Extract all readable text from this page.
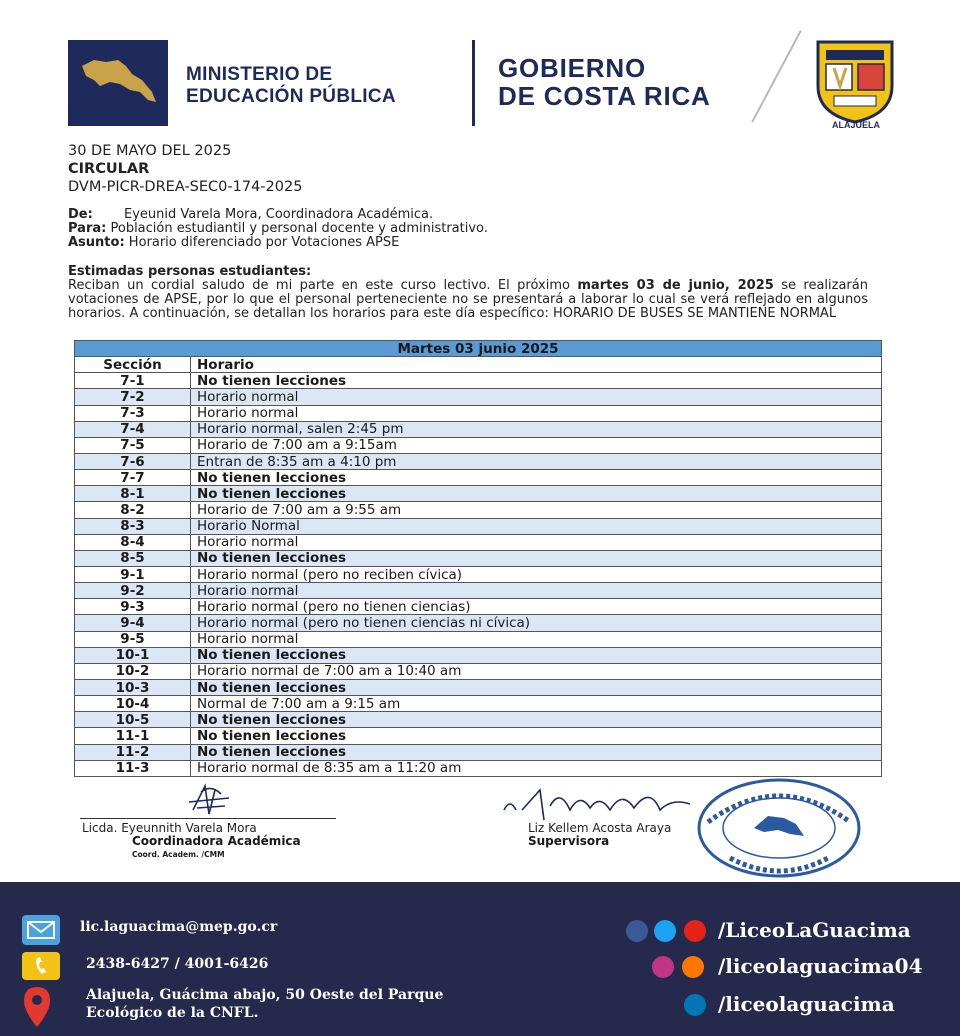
MINISTERIO DE
EDUCACIÓN PÚBLICA
GOBIERNO
DE COSTA RICA
ALAJUELA
30 DE MAYO DEL 2025
CIRCULAR
DVM-PICR-DREA-SEC0-174-2025
De: Eyeunid Varela Mora, Coordinadora Académica.
Para: Población estudiantil y personal docente y administrativo.
Asunto: Horario diferenciado por Votaciones APSE
Estimadas personas estudiantes:

Reciban un cordial saludo de mi parte en este curso lectivo. El próximo martes 03 de junio, 2025 se realizarán votaciones de APSE, por lo que el personal perteneciente no se presentará a laborar lo cual se verá reflejado en algunos horarios. A continuación, se detallan los horarios para este día específico: HORARIO DE BUSES SE MANTIENE NORMAL

Martes 03 junio 2025	
Sección	Horario
7-1	No tienen lecciones
7-2	Horario normal
7-3	Horario normal
7-4	Horario normal, salen 2:45 pm
7-5	Horario de 7:00 am a 9:15am
7-6	Entran de 8:35 am a 4:10 pm
7-7	No tienen lecciones
8-1	No tienen lecciones
8-2	Horario de 7:00 am a 9:55 am
8-3	Horario Normal
8-4	Horario normal
8-5	No tienen lecciones
9-1	Horario normal (pero no reciben cívica)
9-2	Horario normal
9-3	Horario normal (pero no tienen ciencias)
9-4	Horario normal (pero no tienen ciencias ni cívica)
9-5	Horario normal
10-1	No tienen lecciones
10-2	Horario normal de 7:00 am a 10:40 am
10-3	No tienen lecciones
10-4	Normal de 7:00 am a 9:15 am
10-5	No tienen lecciones
11-1	No tienen lecciones
11-2	No tienen lecciones
11-3	Horario normal de 8:35 am a 11:20 am
Licda. Eyeunnith Varela Mora
Coordinadora Académica
Coord. Academ. /CMM
Liz Kellem Acosta Araya
Supervisora
lic.laguacima@mep.go.cr
2438-6427 / 4001-6426
Alajuela, Guácima abajo, 50 Oeste del Parque
Ecológico de la CNFL.
/LiceoLaGuacima
/liceolaguacima04
/liceolaguacima
